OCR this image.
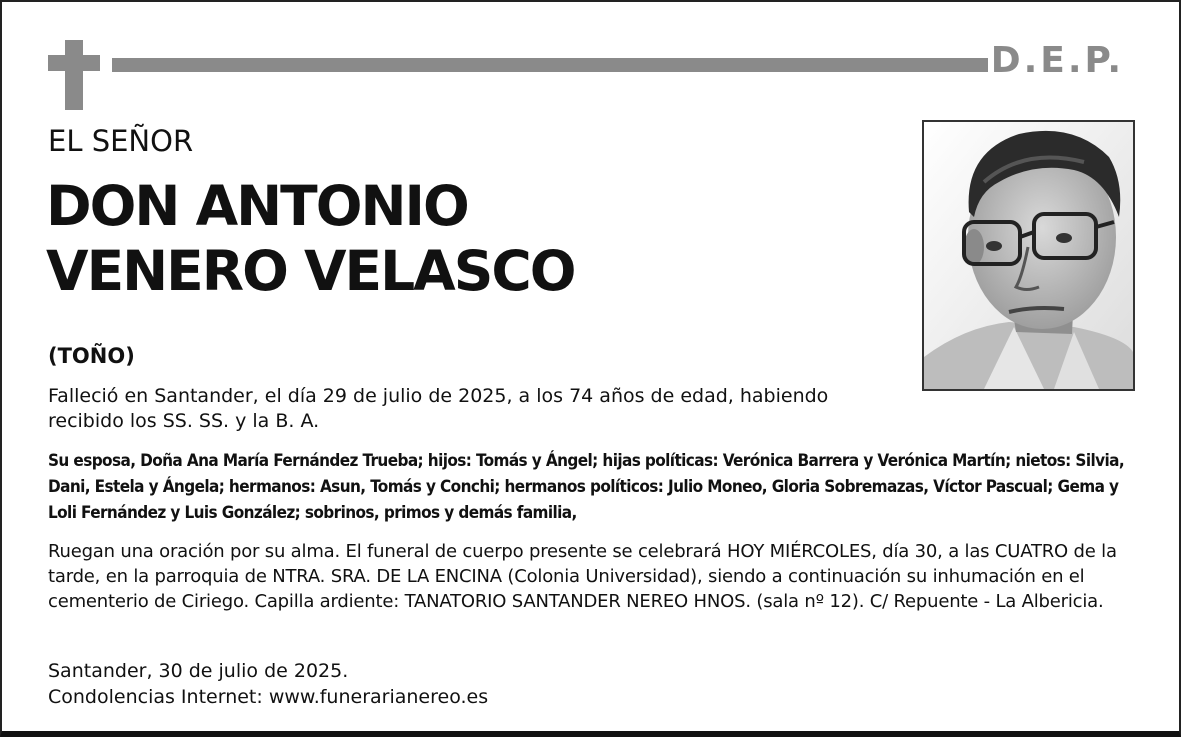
D.E.P.
EL SEÑOR
DON ANTONIO
VENERO VELASCO
(TOÑO)
Falleció en Santander, el día 29 de julio de 2025, a los 74 años de edad, habiendo recibido los SS. SS. y la B. A.
Su esposa, Doña Ana María Fernández Trueba; hijos: Tomás y Ángel; hijas políticas: Verónica Barrera y Verónica Martín; nietos: Silvia, Dani, Estela y Ángela; hermanos: Asun, Tomás y Conchi; hermanos políticos: Julio Moneo, Gloria Sobremazas, Víctor Pascual; Gema y Loli Fernández y Luis González; sobrinos, primos y demás familia,
Ruegan una oración por su alma. El funeral de cuerpo presente se celebrará HOY MIÉRCOLES, día 30, a las CUATRO de la tarde, en la parroquia de NTRA. SRA. DE LA ENCINA (Colonia Universidad), siendo a continuación su inhumación en el cementerio de Ciriego. Capilla ardiente: TANATORIO SANTANDER NEREO HNOS. (sala nº 12). C/ Repuente - La Albericia.
Santander, 30 de julio de 2025.
Condolencias Internet: www.funerarianereo.es
